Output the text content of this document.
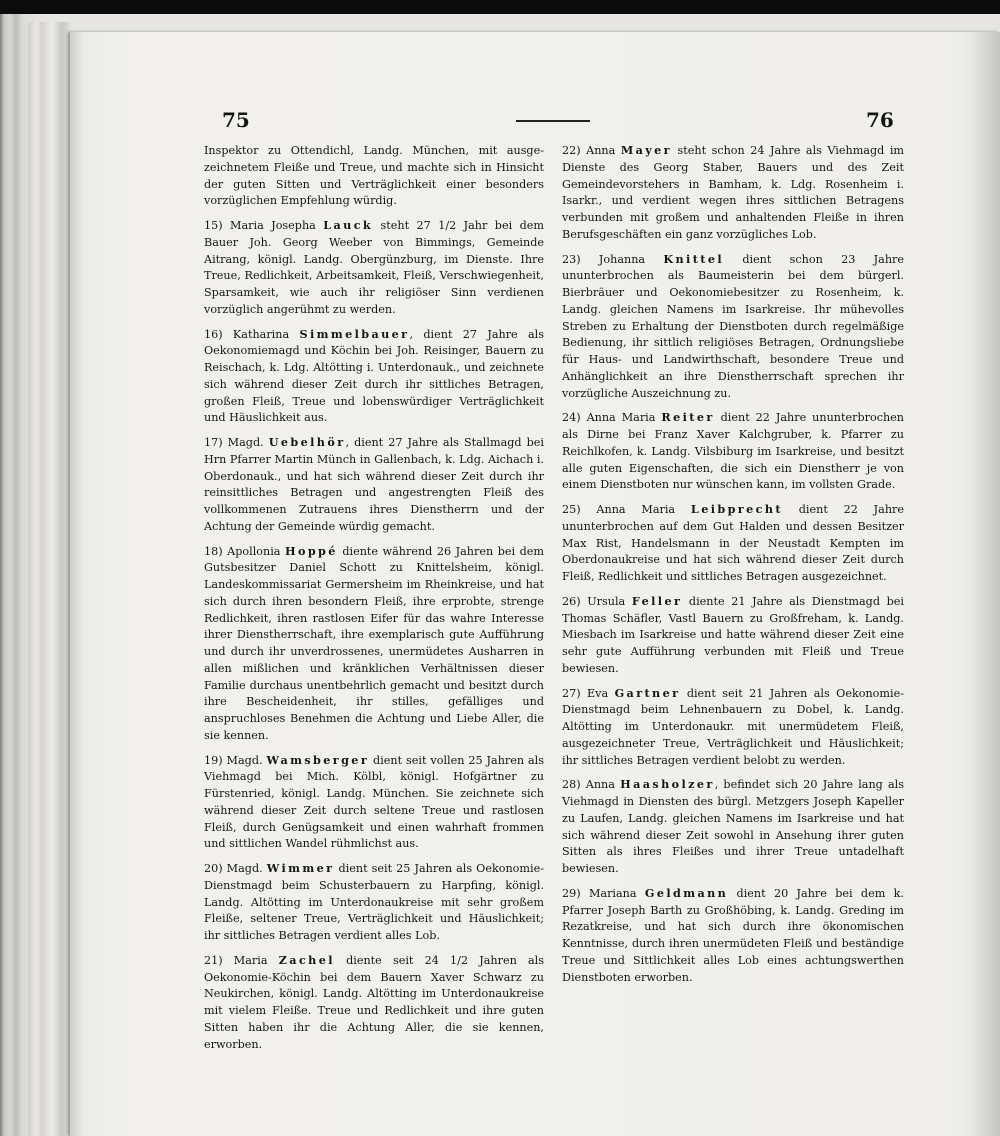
75	76

Inspektor zu Ottendichl, Landg. München, mit ausge-zeichnetem Fleiße und Treue, und machte sich in Hinsicht der guten Sitten und Verträglichkeit einer besonders vorzüglichen Empfehlung würdig.

15) Maria Josepha Lauck steht 27 1/2 Jahr bei dem Bauer Joh. Georg Weeber von Bimmings, Gemeinde Aitrang, königl. Landg. Obergünzburg, im Dienste. Ihre Treue, Redlichkeit, Arbeitsamkeit, Fleiß, Verschwiegenheit, Sparsamkeit, wie auch ihr religiöser Sinn verdienen vorzüglich angerühmt zu werden.

16) Katharina Simmelbauer, dient 27 Jahre als Oekonomiemagd und Köchin bei Joh. Reisinger, Bauern zu Reischach, k. Ldg. Altötting i. Unterdonauk., und zeichnete sich während dieser Zeit durch ihr sittliches Betragen, großen Fleiß, Treue und lobenswürdiger Verträglichkeit und Häuslichkeit aus.

17) Magd. Uebelhör, dient 27 Jahre als Stallmagd bei Hrn Pfarrer Martin Münch in Gallenbach, k. Ldg. Aichach i. Oberdonauk., und hat sich während dieser Zeit durch ihr reinsittliches Betragen und angestrengten Fleiß des vollkommenen Zutrauens ihres Dienstherrn und der Achtung der Gemeinde würdig gemacht.

18) Apollonia Hoppé diente während 26 Jahren bei dem Gutsbesitzer Daniel Schott zu Knittelsheim, königl. Landeskommissariat Germersheim im Rheinkreise, und hat sich durch ihren besondern Fleiß, ihre erprobte, strenge Redlichkeit, ihren rastlosen Eifer für das wahre Interesse ihrer Dienstherrschaft, ihre exemplarisch gute Aufführung und durch ihr unverdrossenes, unermüdetes Ausharren in allen mißlichen und kränklichen Verhältnissen dieser Familie durchaus unentbehrlich gemacht und besitzt durch ihre Bescheidenheit, ihr stilles, gefälliges und anspruchloses Benehmen die Achtung und Liebe Aller, die sie kennen.

19) Magd. Wamsberger dient seit vollen 25 Jahren als Viehmagd bei Mich. Kölbl, königl. Hofgärtner zu Fürstenried, königl. Landg. München. Sie zeichnete sich während dieser Zeit durch seltene Treue und rastlosen Fleiß, durch Genügsamkeit und einen wahrhaft frommen und sittlichen Wandel rühmlichst aus.

20) Magd. Wimmer dient seit 25 Jahren als Oekonomie-Dienstmagd beim Schusterbauern zu Harpfing, königl. Landg. Altötting im Unterdonaukreise mit sehr großem Fleiße, seltener Treue, Verträglichkeit und Häuslichkeit; ihr sittliches Betragen verdient alles Lob.

21) Maria Zachel diente seit 24 1/2 Jahren als Oekonomie-Köchin bei dem Bauern Xaver Schwarz zu Neukirchen, königl. Landg. Altötting im Unterdonaukreise mit vielem Fleiße. Treue und Redlichkeit und ihre guten Sitten haben ihr die Achtung Aller, die sie kennen, erworben.

22) Anna Mayer steht schon 24 Jahre als Viehmagd im Dienste des Georg Staber, Bauers und des Zeit Gemeindevorstehers in Bamham, k. Ldg. Rosenheim i. Isarkr., und verdient wegen ihres sittlichen Betragens verbunden mit großem und anhaltenden Fleiße in ihren Berufsgeschäften ein ganz vorzügliches Lob.

23) Johanna Knittel dient schon 23 Jahre ununterbrochen als Baumeisterin bei dem bürgerl. Bierbräuer und Oekonomiebesitzer zu Rosenheim, k. Landg. gleichen Namens im Isarkreise. Ihr mühevolles Streben zu Erhaltung der Dienstboten durch regelmäßige Bedienung, ihr sittlich religiöses Betragen, Ordnungsliebe für Haus- und Landwirthschaft, besondere Treue und Anhänglichkeit an ihre Dienstherrschaft sprechen ihr vorzügliche Auszeichnung zu.

24) Anna Maria Reiter dient 22 Jahre ununterbrochen als Dirne bei Franz Xaver Kalchgruber, k. Pfarrer zu Reichlkofen, k. Landg. Vilsbiburg im Isarkreise, und besitzt alle guten Eigenschaften, die sich ein Dienstherr je von einem Dienstboten nur wünschen kann, im vollsten Grade.

25) Anna Maria Leibprecht dient 22 Jahre ununterbrochen auf dem Gut Halden und dessen Besitzer Max Rist, Handelsmann in der Neustadt Kempten im Oberdonaukreise und hat sich während dieser Zeit durch Fleiß, Redlichkeit und sittliches Betragen ausgezeichnet.

26) Ursula Feller diente 21 Jahre als Dienstmagd bei Thomas Schäfler, Vastl Bauern zu Großfreham, k. Landg. Miesbach im Isarkreise und hatte während dieser Zeit eine sehr gute Aufführung verbunden mit Fleiß und Treue bewiesen.

27) Eva Gartner dient seit 21 Jahren als Oekonomie-Dienstmagd beim Lehnenbauern zu Dobel, k. Landg. Altötting im Unterdonaukr. mit unermüdetem Fleiß, ausgezeichneter Treue, Verträglichkeit und Häuslichkeit; ihr sittliches Betragen verdient belobt zu werden.

28) Anna Haasholzer, befindet sich 20 Jahre lang als Viehmagd in Diensten des bürgl. Metzgers Joseph Kapeller zu Laufen, Landg. gleichen Namens im Isarkreise und hat sich während dieser Zeit sowohl in Ansehung ihrer guten Sitten als ihres Fleißes und ihrer Treue untadelhaft bewiesen.

29) Mariana Geldmann dient 20 Jahre bei dem k. Pfarrer Joseph Barth zu Großhöbing, k. Landg. Greding im Rezatkreise, und hat sich durch ihre ökonomischen Kenntnisse, durch ihren unermüdeten Fleiß und beständige Treue und Sittlichkeit alles Lob eines achtungswerthen Dienstboten erworben.
